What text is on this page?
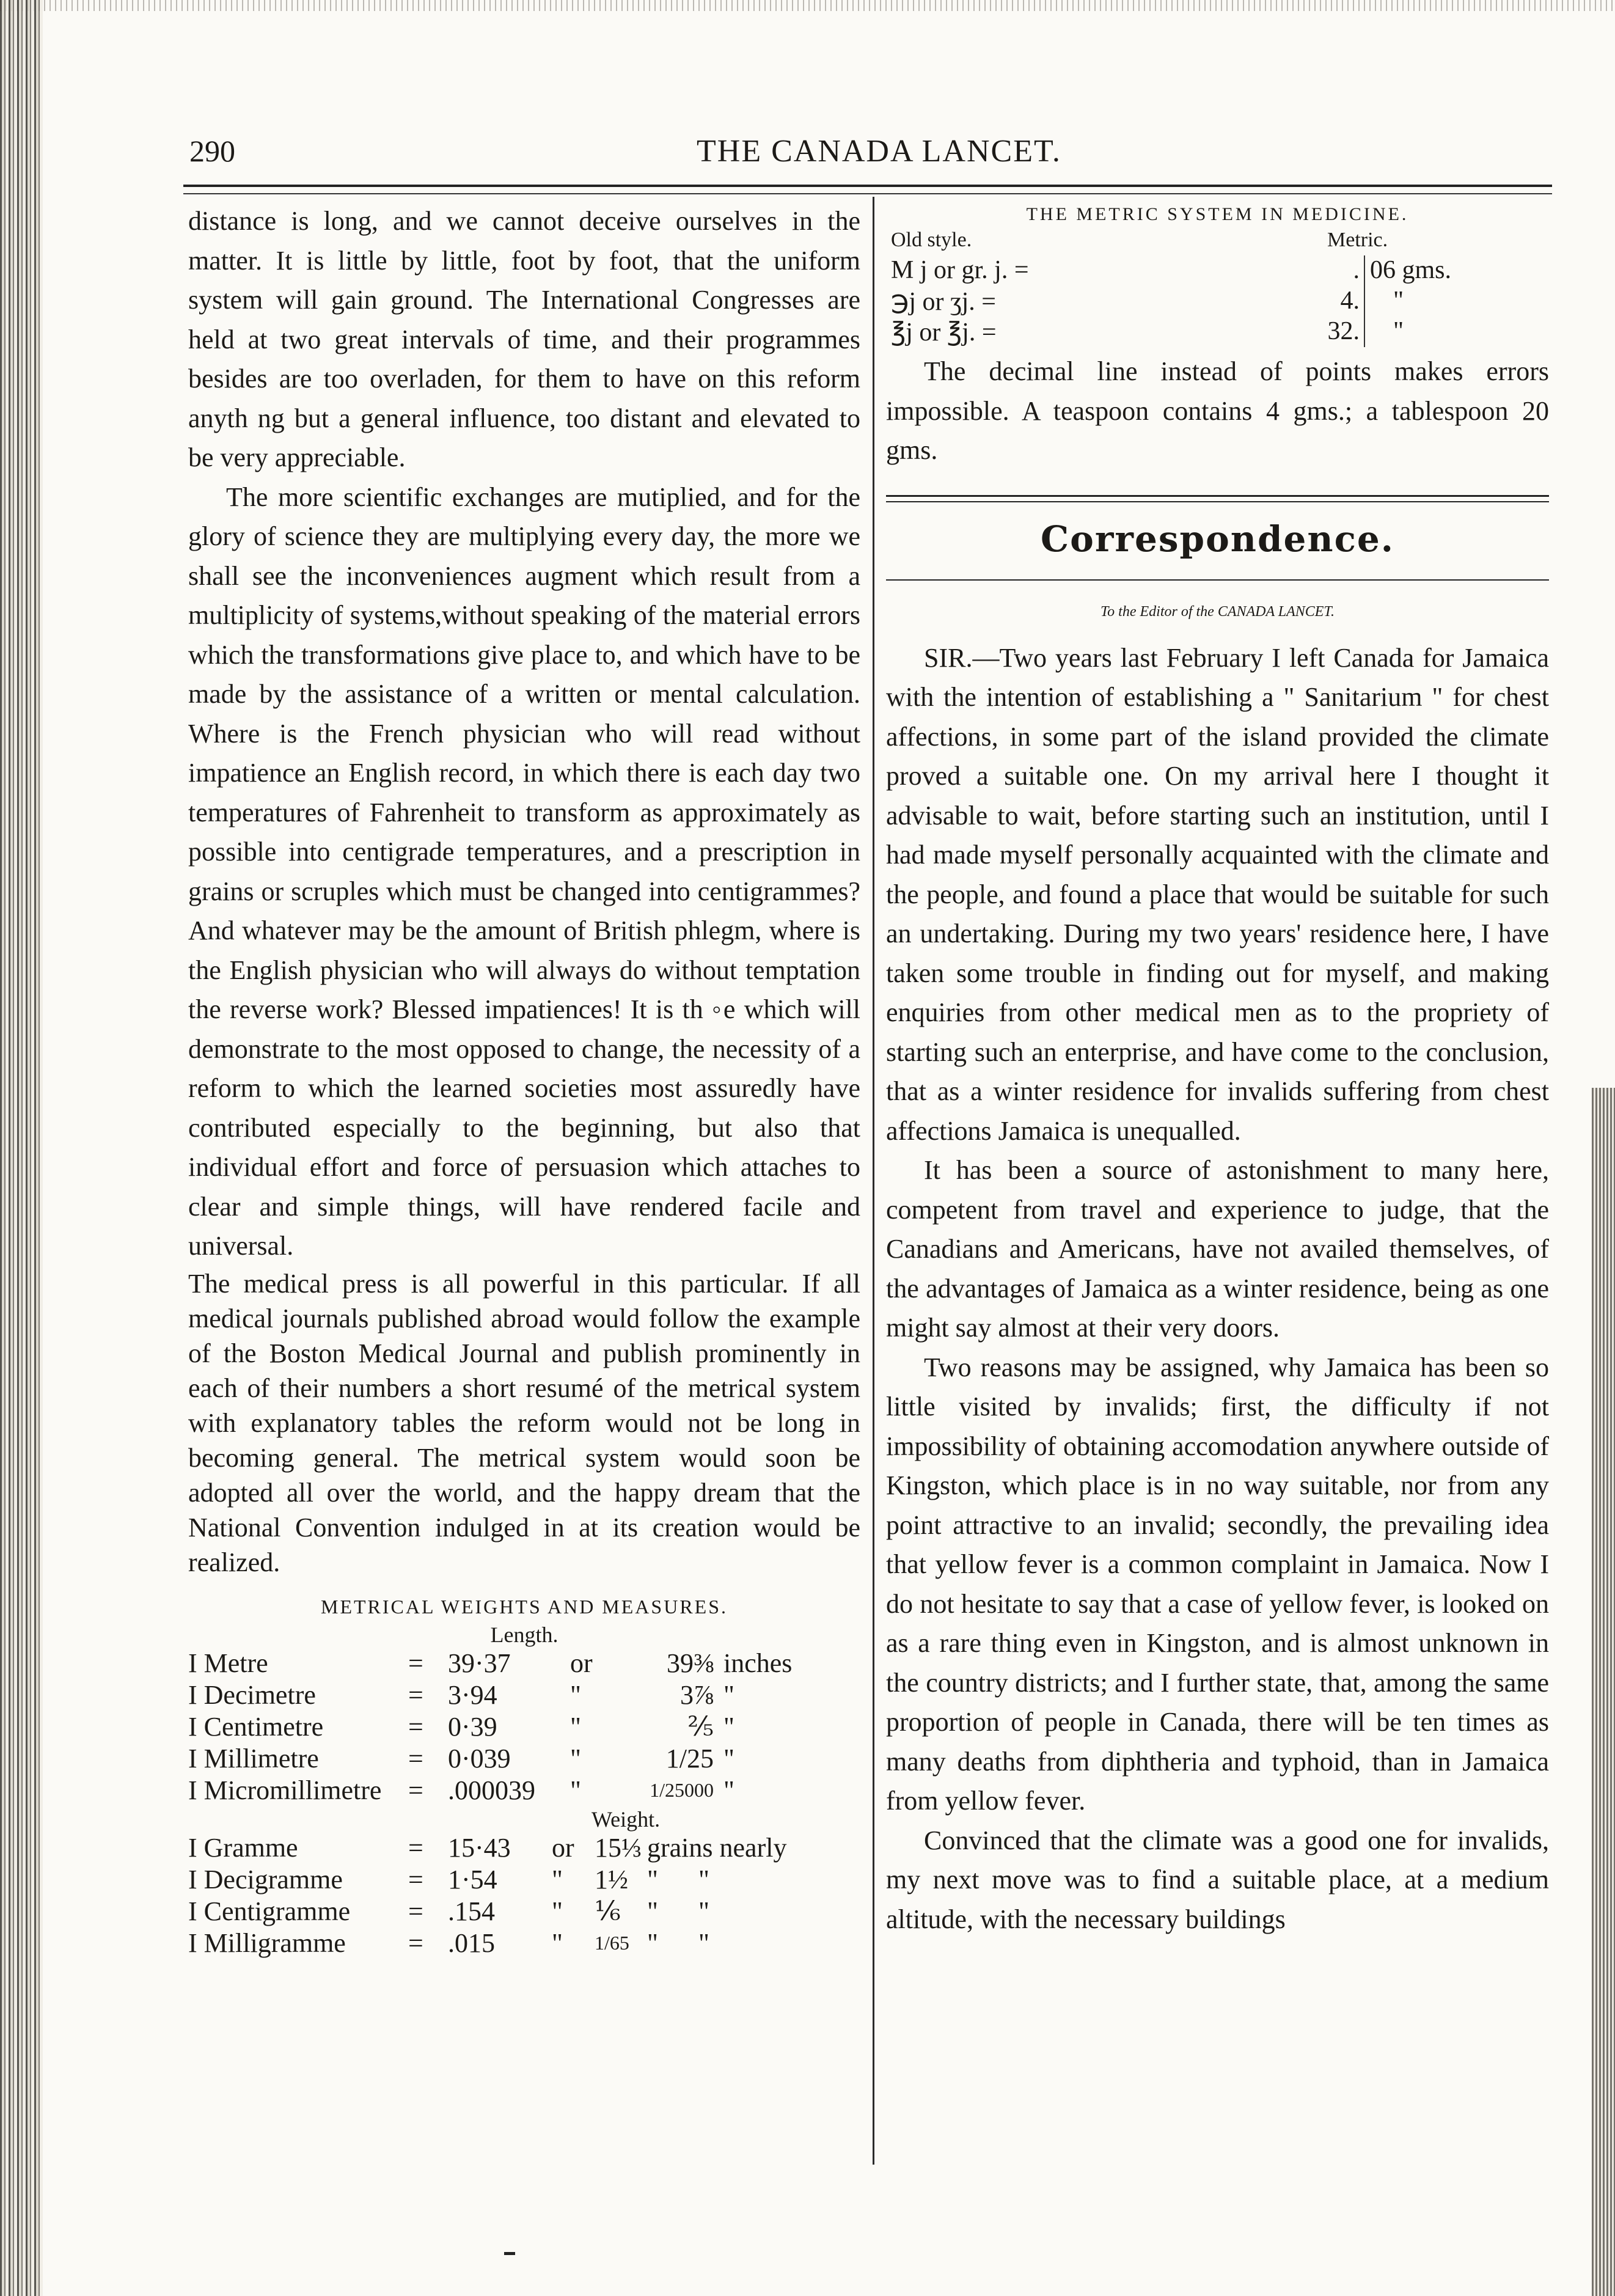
290	THE CANADA LANCET.

distance is long, and we cannot deceive ourselves in the matter. It is little by little, foot by foot, that the uniform system will gain ground. The International Congresses are held at two great intervals of time, and their programmes besides are too overladen, for them to have on this reform anyth ng but a general influence, too distant and elevated to be very appreciable.

The more scientific exchanges are mutiplied, and for the glory of science they are multiplying every day, the more we shall see the inconveniences augment which result from a multiplicity of systems,without speaking of the material errors which the transformations give place to, and which have to be made by the assistance of a written or mental calculation. Where is the French physician who will read without impatience an English record, in which there is each day two temperatures of Fahrenheit to transform as approximately as possible into centigrade temperatures, and a prescription in grains or scruples which must be changed into centigrammes? And whatever may be the amount of British phlegm, where is the English physician who will always do without temptation the reverse work? Blessed impatiences! It is th ◦e which will demonstrate to the most opposed to change, the necessity of a reform to which the learned societies most assuredly have contributed especially to the beginning, but also that individual effort and force of persuasion which attaches to clear and simple things, will have rendered facile and universal.

The medical press is all powerful in this particular. If all medical journals published abroad would follow the example of the Boston Medical Journal and publish prominently in each of their numbers a short resumé of the metrical system with explanatory tables the reform would not be long in becoming general. The metrical system would soon be adopted all over the world, and the happy dream that the National Convention indulged in at its creation would be realized.

METRICAL WEIGHTS AND MEASURES.
Length.
I Metre	=	39·37	or	39⅜	inches
I Decimetre	=	3·94	"	3⅞	"
I Centimetre	=	0·39	"	⅖	"
I Millimetre	=	0·039	"	1/25	"
I Micromillimetre	=	.000039	"	1/25000	"
Weight.
I Gramme	=	15·43	or	15⅓	grains nearly
I Decigramme	=	1·54	"	1½	"      "
I Centigramme	=	.154	"	⅙	"      "
I Milligramme	=	.015	"	1/65	"      "
THE METRIC SYSTEM IN MEDICINE.
Old style.	Metric.
M j or gr. j. =	. 06 gms.
℈j or ʒj. =	4. "
℥j or ℥j. =	32. "

The decimal line instead of points makes errors impossible. A teaspoon contains 4 gms.; a tablespoon 20 gms.

Correspondence.
To the Editor of the CANADA LANCET.

SIR.—Two years last February I left Canada for Jamaica with the intention of establishing a " Sanitarium " for chest affections, in some part of the island provided the climate proved a suitable one. On my arrival here I thought it advisable to wait, before starting such an institution, until I had made myself personally acquainted with the climate and the people, and found a place that would be suitable for such an undertaking. During my two years' residence here, I have taken some trouble in finding out for myself, and making enquiries from other medical men as to the propriety of starting such an enterprise, and have come to the conclusion, that as a winter residence for invalids suffering from chest affections Jamaica is unequalled.

It has been a source of astonishment to many here, competent from travel and experience to judge, that the Canadians and Americans, have not availed themselves, of the advantages of Jamaica as a winter residence, being as one might say almost at their very doors.

Two reasons may be assigned, why Jamaica has been so little visited by invalids; first, the difficulty if not impossibility of obtaining accomodation anywhere outside of Kingston, which place is in no way suitable, nor from any point attractive to an invalid; secondly, the prevailing idea that yellow fever is a common complaint in Jamaica. Now I do not hesitate to say that a case of yellow fever, is looked on as a rare thing even in Kingston, and is almost unknown in the country districts; and I further state, that, among the same proportion of people in Canada, there will be ten times as many deaths from diphtheria and typhoid, than in Jamaica from yellow fever.

Convinced that the climate was a good one for invalids, my next move was to find a suitable place, at a medium altitude, with the necessary buildings
